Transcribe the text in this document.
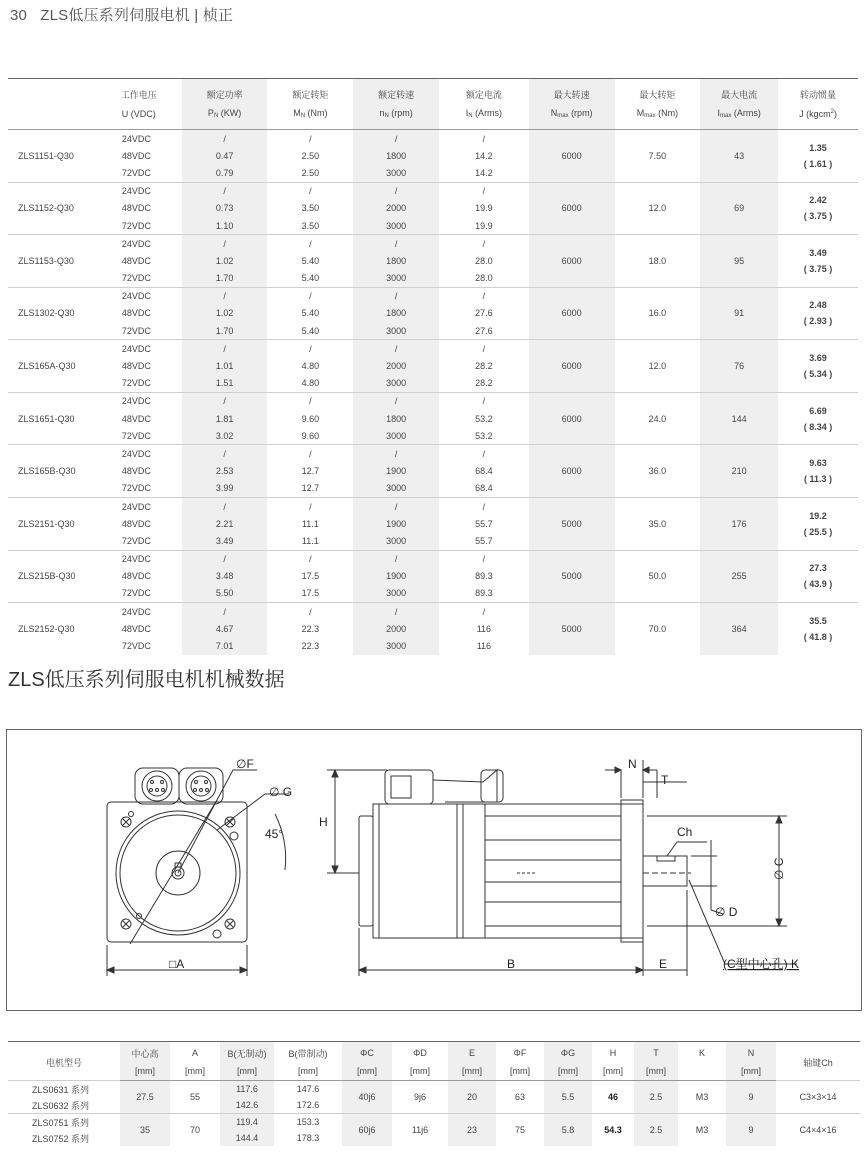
30 ZLS低压系列伺服电机 | 桢正
	工作电压	额定功率	额定转矩	额定转速	额定电流	最大转速	最大转矩	最大电流	转动惯量
	U (VDC)	PN (KW)	MN (Nm)	nN (rpm)	IN (Arms)	Nmax (rpm)	Mmax (Nm)	Imax (Arms)	J (kgcm$^2$)
ZLS1151-Q30	24VDC	/	/	/	/	6000	7.50	43	1.35
( 1.61 )

	48VDC	0.47	2.50	1800	14.2				
	72VDC	0.79	2.50	3000	14.2				
ZLS1152-Q30	24VDC	/	/	/	/	6000	12.0	69	2.42
( 3.75 )

	48VDC	0.73	3.50	2000	19.9				
	72VDC	1.10	3.50	3000	19.9				
ZLS1153-Q30	24VDC	/	/	/	/	6000	18.0	95	3.49
( 3.75 )

	48VDC	1.02	5.40	1800	28.0				
	72VDC	1.70	5.40	3000	28.0				
ZLS1302-Q30	24VDC	/	/	/	/	6000	16.0	91	2.48
( 2.93 )

	48VDC	1.02	5.40	1800	27.6				
	72VDC	1.70	5.40	3000	27.6				
ZLS165A-Q30	24VDC	/	/	/	/	6000	12.0	76	3.69
( 5.34 )

	48VDC	1.01	4.80	2000	28.2				
	72VDC	1.51	4.80	3000	28.2				
ZLS1651-Q30	24VDC	/	/	/	/	6000	24.0	144	6.69
( 8.34 )

	48VDC	1.81	9.60	1800	53.2				
	72VDC	3.02	9.60	3000	53.2				
ZLS165B-Q30	24VDC	/	/	/	/	6000	36.0	210	9.63
( 11.3 )

	48VDC	2.53	12.7	1900	68.4				
	72VDC	3.99	12.7	3000	68.4				
ZLS2151-Q30	24VDC	/	/	/	/	5000	35.0	176	19.2
( 25.5 )

	48VDC	2.21	11.1	1900	55.7				
	72VDC	3.49	11.1	3000	55.7				
ZLS215B-Q30	24VDC	/	/	/	/	5000	50.0	255	27.3
( 43.9 )

	48VDC	3.48	17.5	1900	89.3				
	72VDC	5.50	17.5	3000	89.3				
ZLS2152-Q30	24VDC	/	/	/	/	5000	70.0	364	35.5
( 41.8 )

	48VDC	4.67	22.3	2000	116				
	72VDC	7.01	22.3	3000	116				
ZLS低压系列伺服电机机械数据
∅F
∅ G
45°
□A
H
N
T
Ch
∅ C
∅ D
B	E	(C型中心孔) K
电机型号	中心高	A	B(无制动)	B(带制动)	ΦC	ΦD	E	ΦF	ΦG	H	T	K	N	轴键Ch
	[mm]	[mm]	[mm]	[mm]	[mm]	[mm]	[mm]	[mm]	[mm]	[mm]	[mm]		[mm]	
ZLS0631 系列	27.5	55	117.6	147.6	40j6	9j6	20	63	5.5	46	2.5	M3	9	C3×3×14
ZLS0632 系列			142.6	172.6										
ZLS0751 系列	35	70	119.4	153.3	60j6	11j6	23	75	5.8	54.3	2.5	M3	9	C4×4×16
ZLS0752 系列			144.4	178.3										
